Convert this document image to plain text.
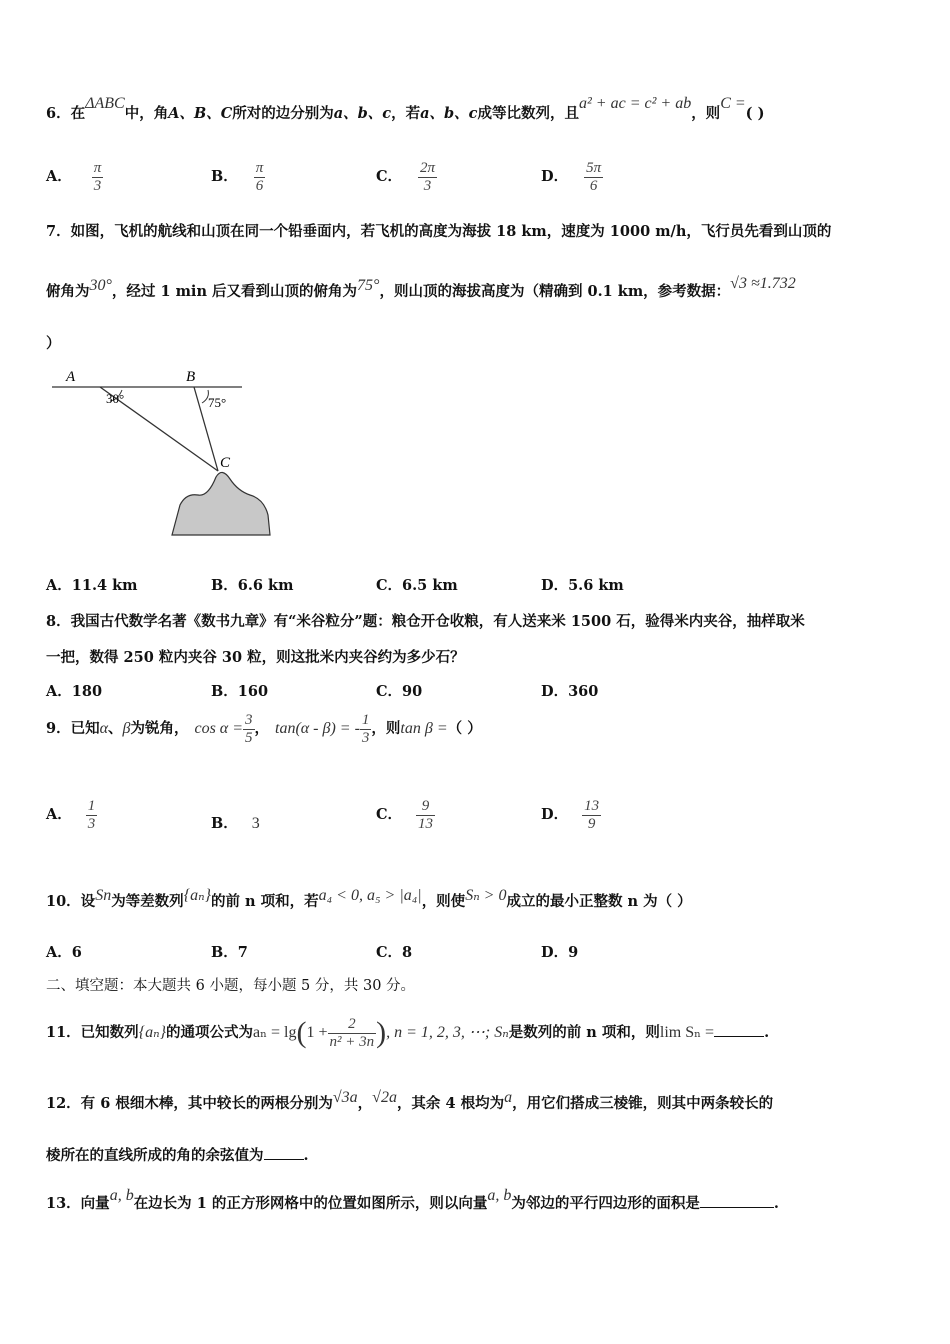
6．在ΔABC中，角A、B、C所对的边分别为a、b、c，若a、b、c成等比数列，且a² + ac = c² + ab，则C =( )
A． $\frac{\pi}{3}$	B． $\frac{\pi}{6}$	C． $\frac{2\pi}{3}$	D． $\frac{5\pi}{6}$
7．如图，飞机的航线和山顶在同一个铅垂面内，若飞机的高度为海拔 18 km，速度为 1000 m/h，飞行员先看到山顶的
俯角为30°，经过 1 min 后又看到山顶的俯角为75°，则山顶的海拔高度为（精确到 0.1 km，参考数据：√3 ≈1.732
）
A	B
C
30°	75°
A．11.4 km	B．6.6 km	C．6.5 km	D．5.6 km
8．我国古代数学名著《数书九章》有“米谷粒分”题：粮仓开仓收粮，有人送来米 1500 石，验得米内夹谷，抽样取米
一把，数得 250 粒内夹谷 30 粒，则这批米内夹谷约为多少石？
A．180	B．160	C．90	D．360
9．已知α、β为锐角， $\cos \alpha = \frac{3}{5}$ ， tan(α - β) = - $\frac{1}{3}$ ，则tan β =（ ）
A． $\frac{1}{3}$	B． 3
C． $\frac{9}{13}$	D． $\frac{13}{9}$
10．设Sn为等差数列{aₙ}的前 n 项和，若a₄ < 0, a₅ > |a₄|，则使Sₙ > 0成立的最小正整数 n 为（ ）
A．6	B．7	C．8	D．9
二、填空题：本大题共 6 小题，每小题 5 分，共 30 分。
11．已知数列{aₙ}的通项公式为$a_n = \lg(1 + \frac{2}{\text{n² + 3n}}$ ), n = 1, 2, 3, ⋯; Sₙ是数列的前 n 项和，则lim Sₙ =	.
12．有 6 根细木棒，其中较长的两根分别为√3a，√2a，其余 4 根均为a，用它们搭成三棱锥，则其中两条较长的
棱所在的直线所成的角的余弦值为	.
13．向量a, b在边长为 1 的正方形网格中的位置如图所示，则以向量a, b为邻边的平行四边形的面积是	.
